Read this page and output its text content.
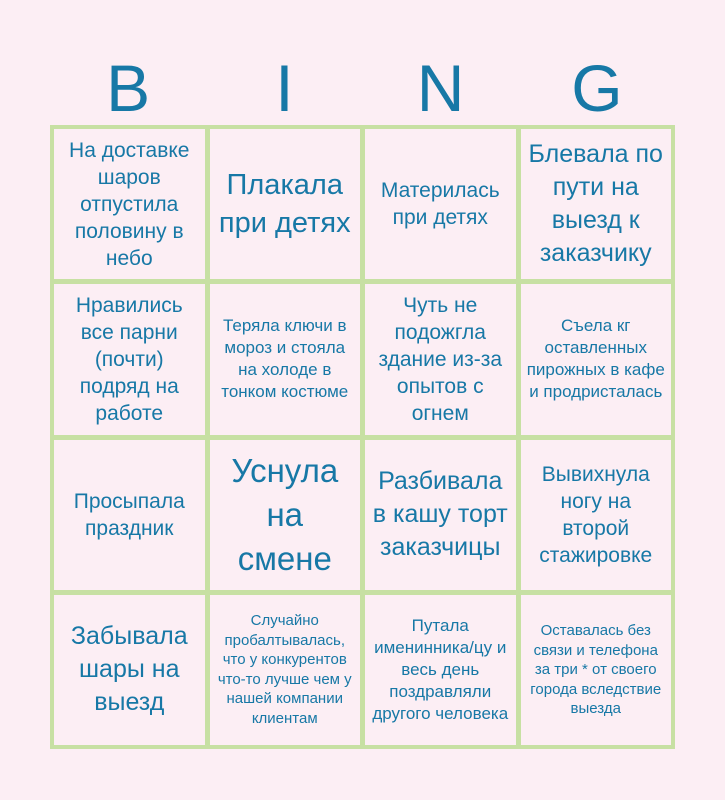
B	I	N	G
На доставке шаров отпустила половину в небо
Плакала при детях
Материлась при детях
Блевала по пути на выезд к заказчику
Нравились все парни (почти) подряд на работе
Теряла ключи в мороз и стояла на холоде в тонком костюме
Чуть не подожгла здание из-за опытов с огнем
Съела кг оставленных пирожных в кафе и продристалась
Просыпала праздник
Уснула на смене
Разбивала в кашу торт заказчицы
Вывихнула ногу на второй стажировке
Забывала шары на выезд
Случайно пробалтывалась, что у конкурентов что-то лучше чем у нашей компании клиентам
Путала именинника/цу и весь день поздравляли другого человека
Оставалась без связи и телефона за три * от своего города вследствие выезда
